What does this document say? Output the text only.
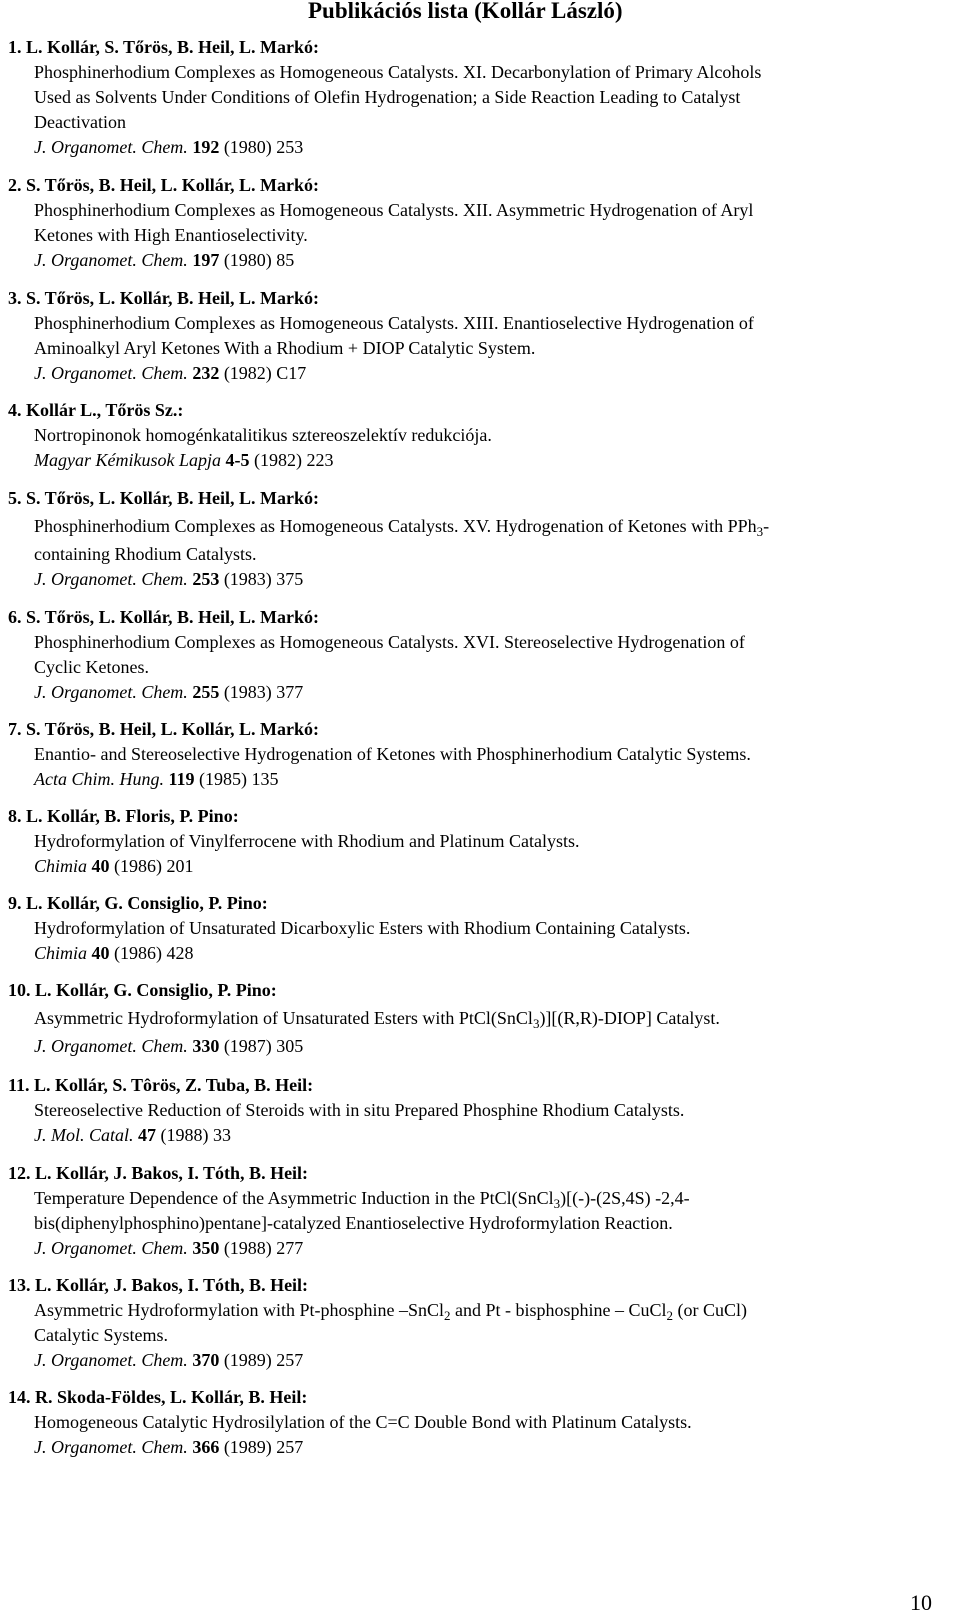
Publikációs lista (Kollár László)
1. L. Kollár, S. Tőrös, B. Heil, L. Markó:
Phosphinerhodium Complexes as Homogeneous Catalysts. XI. Decarbonylation of Primary Alcohols
Used as Solvents Under Conditions of Olefin Hydrogenation; a Side Reaction Leading to Catalyst
Deactivation
J. Organomet. Chem. 192 (1980) 253
2. S. Tőrös, B. Heil, L. Kollár, L. Markó:
Phosphinerhodium Complexes as Homogeneous Catalysts. XII. Asymmetric Hydrogenation of Aryl
Ketones with High Enantioselectivity.
J. Organomet. Chem. 197 (1980) 85
3. S. Tőrös, L. Kollár, B. Heil, L. Markó:
Phosphinerhodium Complexes as Homogeneous Catalysts. XIII. Enantioselective Hydrogenation of
Aminoalkyl Aryl Ketones With a Rhodium + DIOP Catalytic System.
J. Organomet. Chem. 232 (1982) C17
4. Kollár L., Tőrös Sz.:
Nortropinonok homogénkatalitikus sztereoszelektív redukciója.
Magyar Kémikusok Lapja 4-5 (1982) 223
5. S. Tőrös, L. Kollár, B. Heil, L. Markó:
Phosphinerhodium Complexes as Homogeneous Catalysts. XV. Hydrogenation of Ketones with PPh$_3$-
containing Rhodium Catalysts.
J. Organomet. Chem. 253 (1983) 375
6. S. Tőrös, L. Kollár, B. Heil, L. Markó:
Phosphinerhodium Complexes as Homogeneous Catalysts. XVI. Stereoselective Hydrogenation of
Cyclic Ketones.
J. Organomet. Chem. 255 (1983) 377
7. S. Tőrös, B. Heil, L. Kollár, L. Markó:
Enantio- and Stereoselective Hydrogenation of Ketones with Phosphinerhodium Catalytic Systems.
Acta Chim. Hung. 119 (1985) 135
8. L. Kollár, B. Floris, P. Pino:
Hydroformylation of Vinylferrocene with Rhodium and Platinum Catalysts.
Chimia 40 (1986) 201
9. L. Kollár, G. Consiglio, P. Pino:
Hydroformylation of Unsaturated Dicarboxylic Esters with Rhodium Containing Catalysts.
Chimia 40 (1986) 428
10. L. Kollár, G. Consiglio, P. Pino:
Asymmetric Hydroformylation of Unsaturated Esters with PtCl(SnCl$_3$)][(R,R)-DIOP] Catalyst.
J. Organomet. Chem. 330 (1987) 305
11. L. Kollár, S. Tôrös, Z. Tuba, B. Heil:
Stereoselective Reduction of Steroids with in situ Prepared Phosphine Rhodium Catalysts.
J. Mol. Catal. 47 (1988) 33
12. L. Kollár, J. Bakos, I. Tóth, B. Heil:
Temperature Dependence of the Asymmetric Induction in the PtCl(SnCl$_3$)[(-)-(2S,4S) -2,4-
bis(diphenylphosphino)pentane]-catalyzed Enantioselective Hydroformylation Reaction.
J. Organomet. Chem. 350 (1988) 277
13. L. Kollár, J. Bakos, I. Tóth, B. Heil:
Asymmetric Hydroformylation with Pt-phosphine –SnCl$_2$ and Pt - bisphosphine – CuCl$_2$ (or CuCl)
Catalytic Systems.
J. Organomet. Chem. 370 (1989) 257
14. R. Skoda-Földes, L. Kollár, B. Heil:
Homogeneous Catalytic Hydrosilylation of the C=C Double Bond with Platinum Catalysts.
J. Organomet. Chem. 366 (1989) 257
10
